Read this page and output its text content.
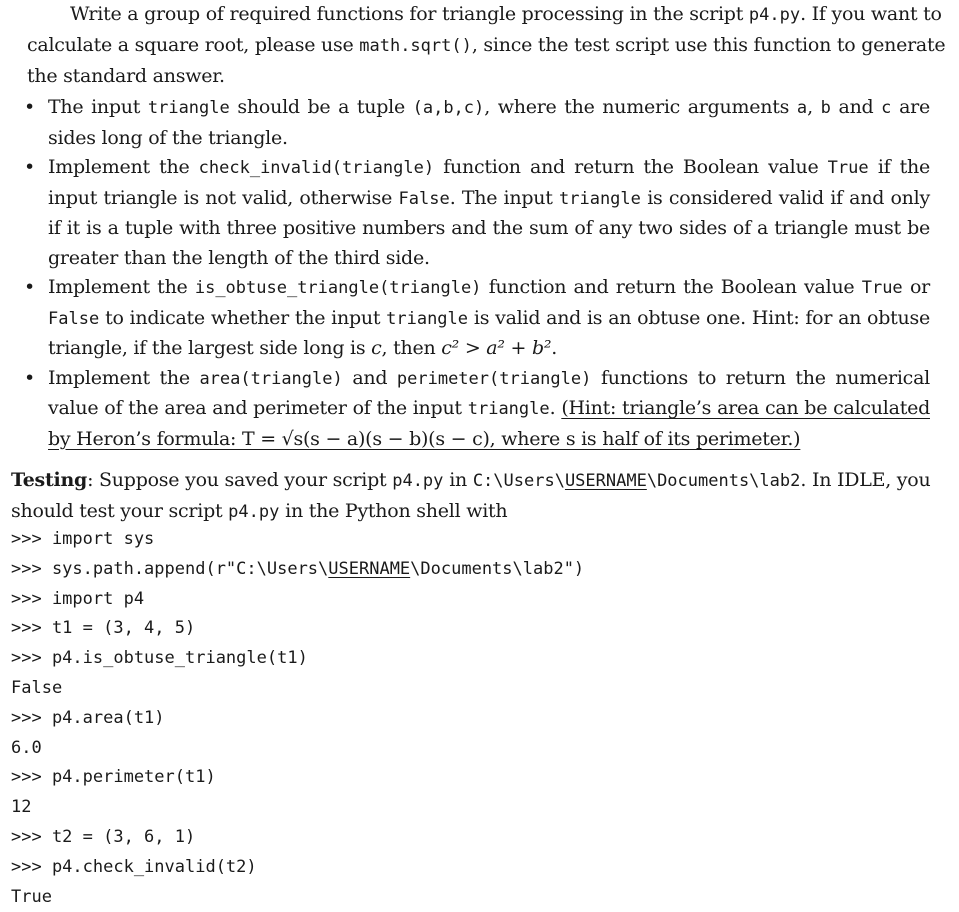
Write a group of required functions for triangle processing in the script p4.py. If you want to
calculate a square root, please use math.sqrt(), since the test script use this function to generate
the standard answer.
• The input triangle should be a tuple (a,b,c), where the numeric arguments a, b and c are sides long of the triangle.
• Implement the check_invalid(triangle) function and return the Boolean value True if the input triangle is not valid, otherwise False. The input triangle is considered valid if and only if it is a tuple with three positive numbers and the sum of any two sides of a triangle must be greater than the length of the third side.
• Implement the is_obtuse_triangle(triangle) function and return the Boolean value True or False to indicate whether the input triangle is valid and is an obtuse one. Hint: for an obtuse triangle, if the largest side long is c, then c² > a² + b².
• Implement the area(triangle) and perimeter(triangle) functions to return the numerical value of the area and perimeter of the input triangle. (Hint: triangle’s area can be calculated by Heron’s formula: T = √s(s − a)(s − b)(s − c), where s is half of its perimeter.)
Testing: Suppose you saved your script p4.py in C:\Users\USERNAME\Documents\lab2. In IDLE, you should test your script p4.py in the Python shell with
>>> import sys
>>> sys.path.append(r"C:\Users\USERNAME\Documents\lab2")
>>> import p4
>>> t1 = (3, 4, 5)
>>> p4.is_obtuse_triangle(t1)
False
>>> p4.area(t1)
6.0
>>> p4.perimeter(t1)
12
>>> t2 = (3, 6, 1)
>>> p4.check_invalid(t2)
True
